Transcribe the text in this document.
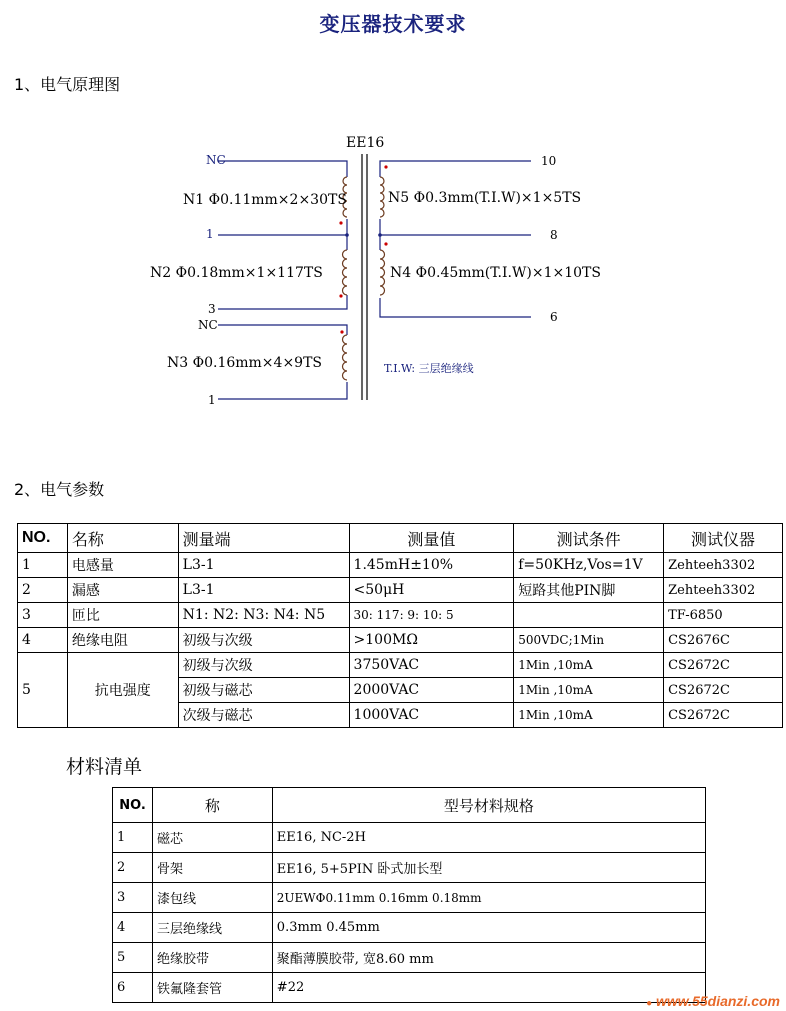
变压器技术要求
1、电气原理图
EE16
NC
1
3
NC
1
10
8
6
N1 Φ0.11mm×2×30TS
N2 Φ0.18mm×1×117TS
N3 Φ0.16mm×4×9TS
N5 Φ0.3mm(T.I.W)×1×5TS
N4 Φ0.45mm(T.I.W)×1×10TS
T.I.W: 三层绝缘线
2、电气参数
NO.	名称	测量端	测量值	测试条件	测试仪器
1	电感量	L3-1	1.45mH±10%	f=50KHz,Vos=1V	Zehteeh3302
2	漏感	L3-1	<50μH	短路其他PIN脚	Zehteeh3302
3	匝比	N1: N2: N3: N4: N5	30: 117: 9: 10: 5		TF-6850
4	绝缘电阻	初级与次级	>100MΩ	500VDC;1Min	CS2676C
5	抗电强度	初级与次级	3750VAC	1Min ,10mA	CS2672C
		初级与磁芯	2000VAC	1Min ,10mA	CS2672C
		次级与磁芯	1000VAC	1Min ,10mA	CS2672C
材料清单
NO.	称	型号材料规格
1	磁芯	EE16, NC-2H
2	骨架	EE16, 5+5PIN 卧式加长型
3	漆包线	2UEWΦ0.11mm 0.16mm 0.18mm
4	三层绝缘线	0.3mm 0.45mm
5	绝缘胶带	聚酯薄膜胶带, 宽8.60 mm
6	铁氟隆套管	#22
● www.55dianzi.com
